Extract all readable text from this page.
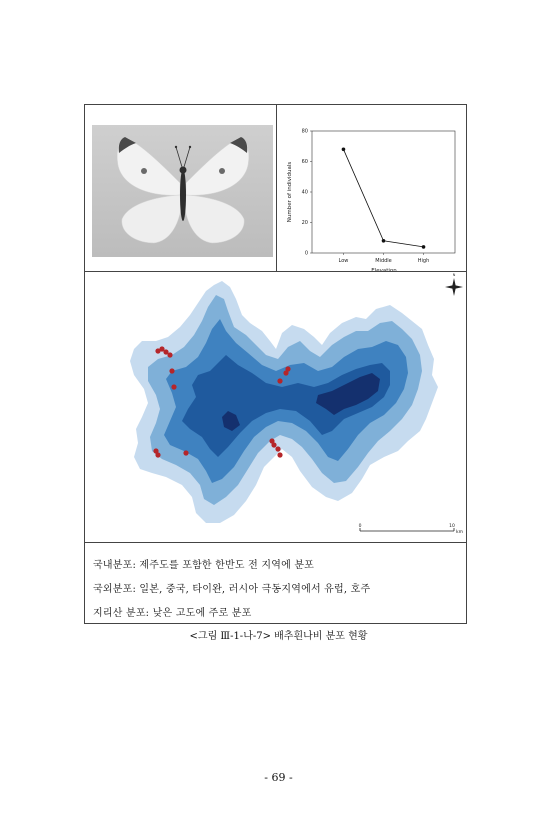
Number of individuals
Elevation
0
20
40
60
80
Low	Middle	High
N
0	10
km
국내분포: 제주도를 포함한 한반도 전 지역에 분포
국외분포: 일본, 중국, 타이완, 러시아 극동지역에서 유럽, 호주
지리산 분포: 낮은 고도에 주로 분포
<그림 Ⅲ-1-나-7> 배추흰나비 분포 현황
- 69 -
